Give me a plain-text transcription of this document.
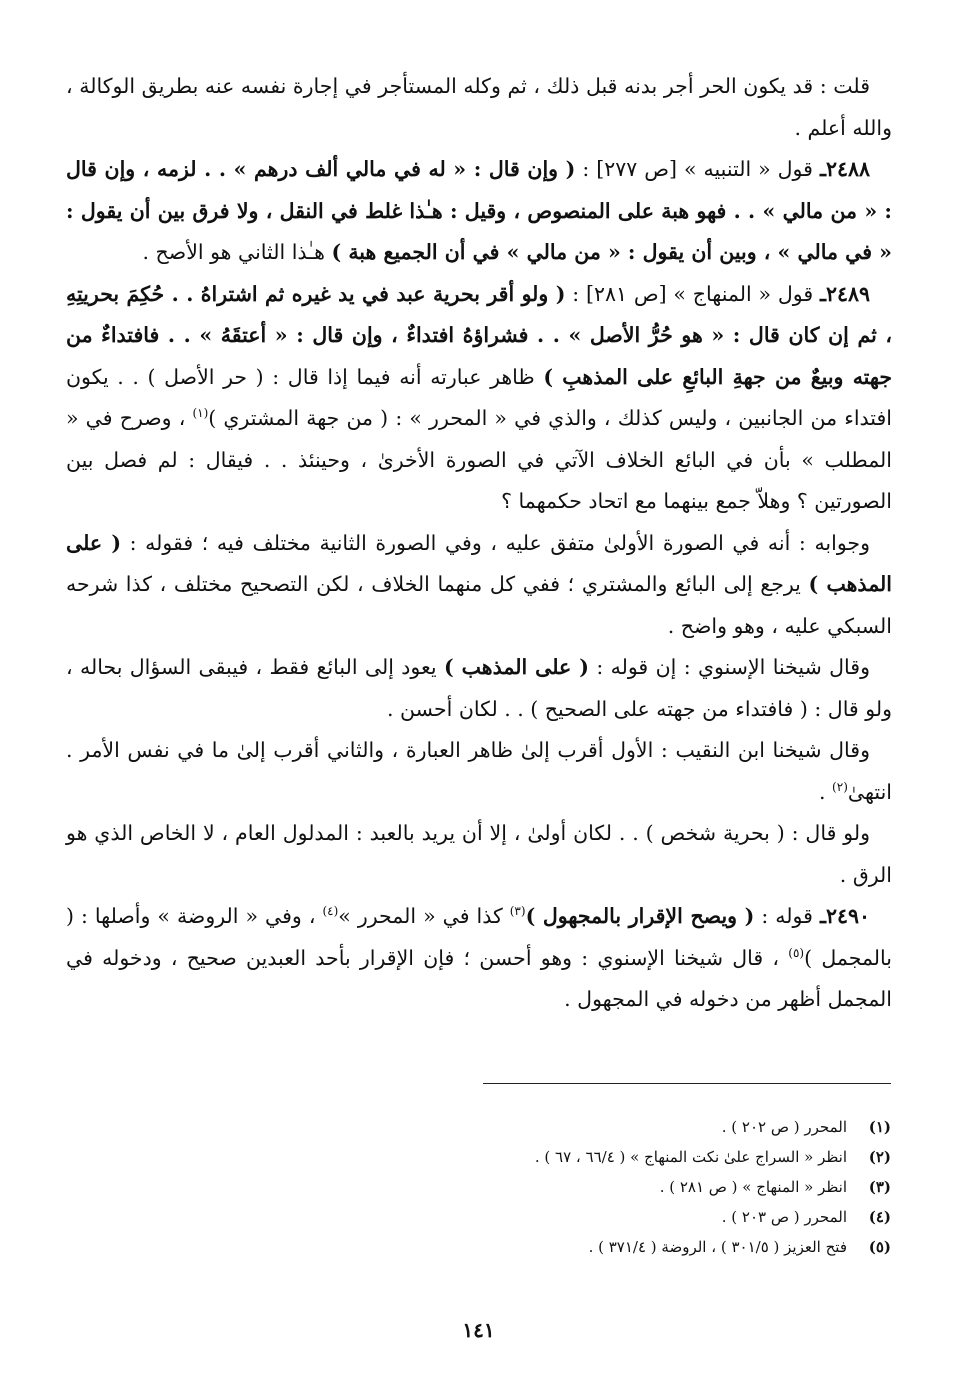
قلت : قد يكون الحر أجر بدنه قبل ذلك ، ثم وكله المستأجر في إجارة نفسه عنه بطريق الوكالة ، والله أعلم .

٢٤٨٨ـ قول « التنبيه » [ص ٢٧٧] : ( وإن قال : « له في مالي ألف درهم » . . لزمه ، وإن قال : « من مالي » . . فهو هبة على المنصوص ، وقيل : هـٰذا غلط في النقل ، ولا فرق بين أن يقول : « في مالي » ، وبين أن يقول : « من مالي » في أن الجميع هبة ) هـٰذا الثاني هو الأصح .

٢٤٨٩ـ قول « المنهاج » [ص ٢٨١] : ( ولو أقر بحرية عبد في يد غيره ثم اشتراهُ . . حُكِمَ بحريتِهِ ، ثم إن كان قال : « هو حُرُّ الأصل » . . فشراؤهُ افتداءٌ ، وإن قال : « أعتقَهُ » . . فافتداءٌ من جهته وبيعٌ من جهةِ البائعِ على المذهبِ ) ظاهر عبارته أنه فيما إذا قال : ( حر الأصل ) . . يكون افتداء من الجانبين ، وليس كذلك ، والذي في « المحرر » : ( من جهة المشتري )$^{(١)}$ ، وصرح في « المطلب » بأن في البائع الخلاف الآتي في الصورة الأخرىٰ ، وحينئذ . . فيقال : لم فصل بين الصورتين ؟ وهلاّ جمع بينهما مع اتحاد حكمهما ؟

وجوابه : أنه في الصورة الأولىٰ متفق عليه ، وفي الصورة الثانية مختلف فيه ؛ فقوله : ( على المذهب ) يرجع إلى البائع والمشتري ؛ ففي كل منهما الخلاف ، لكن التصحيح مختلف ، كذا شرحه السبكي عليه ، وهو واضح .

وقال شيخنا الإسنوي : إن قوله : ( على المذهب ) يعود إلى البائع فقط ، فيبقى السؤال بحاله ، ولو قال : ( فافتداء من جهته على الصحيح ) . . لكان أحسن .

وقال شيخنا ابن النقيب : الأول أقرب إلىٰ ظاهر العبارة ، والثاني أقرب إلىٰ ما في نفس الأمر . انتهىٰ$^{(٢)}$ .

ولو قال : ( بحرية شخص ) . . لكان أولىٰ ، إلا أن يريد بالعبد : المدلول العام ، لا الخاص الذي هو الرق .

٢٤٩٠ـ قوله : ( ويصح الإقرار بالمجهول )$^{(٣)}$ كذا في « المحرر »$^{(٤)}$ ، وفي « الروضة » وأصلها : ( بالمجمل )$^{(٥)}$ ، قال شيخنا الإسنوي : وهو أحسن ؛ فإن الإقرار بأحد العبدين صحيح ، ودخوله في المجمل أظهر من دخوله في المجهول .

(١)
المحرر ( ص ٢٠٢ ) .
(٢)
انظر « السراج علىٰ نكت المنهاج » ( ٦٦/٤ ، ٦٧ ) .
(٣)
انظر « المنهاج » ( ص ٢٨١ ) .
(٤)
المحرر ( ص ٢٠٣ ) .
(٥)
فتح العزيز ( ٣٠١/٥ ) ، الروضة ( ٣٧١/٤ ) .
١٤١
